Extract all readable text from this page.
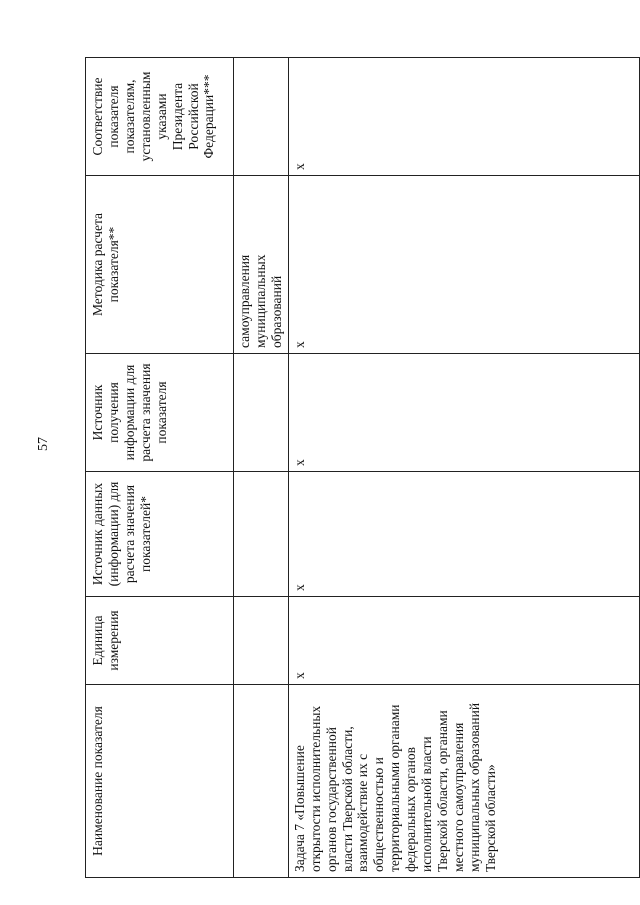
57
Наименование показателя	Единица измерения	Источник данных (информации) для расчета значения показателей*	Источник получения информации для расчета значения показателя	Методика расчета показателя**	Соответствие показателя показателям, установленным указами Президента Российской Федерации***
				самоуправления муниципальных образований	
Задача 7 «Повышение открытости исполнительных органов государственной власти Тверской области, взаимодействие их с общественностью и территориальными органами федеральных органов исполнительной власти Тверской области, органами местного самоуправления муниципальных образований Тверской области»	х	х	х	х	х
